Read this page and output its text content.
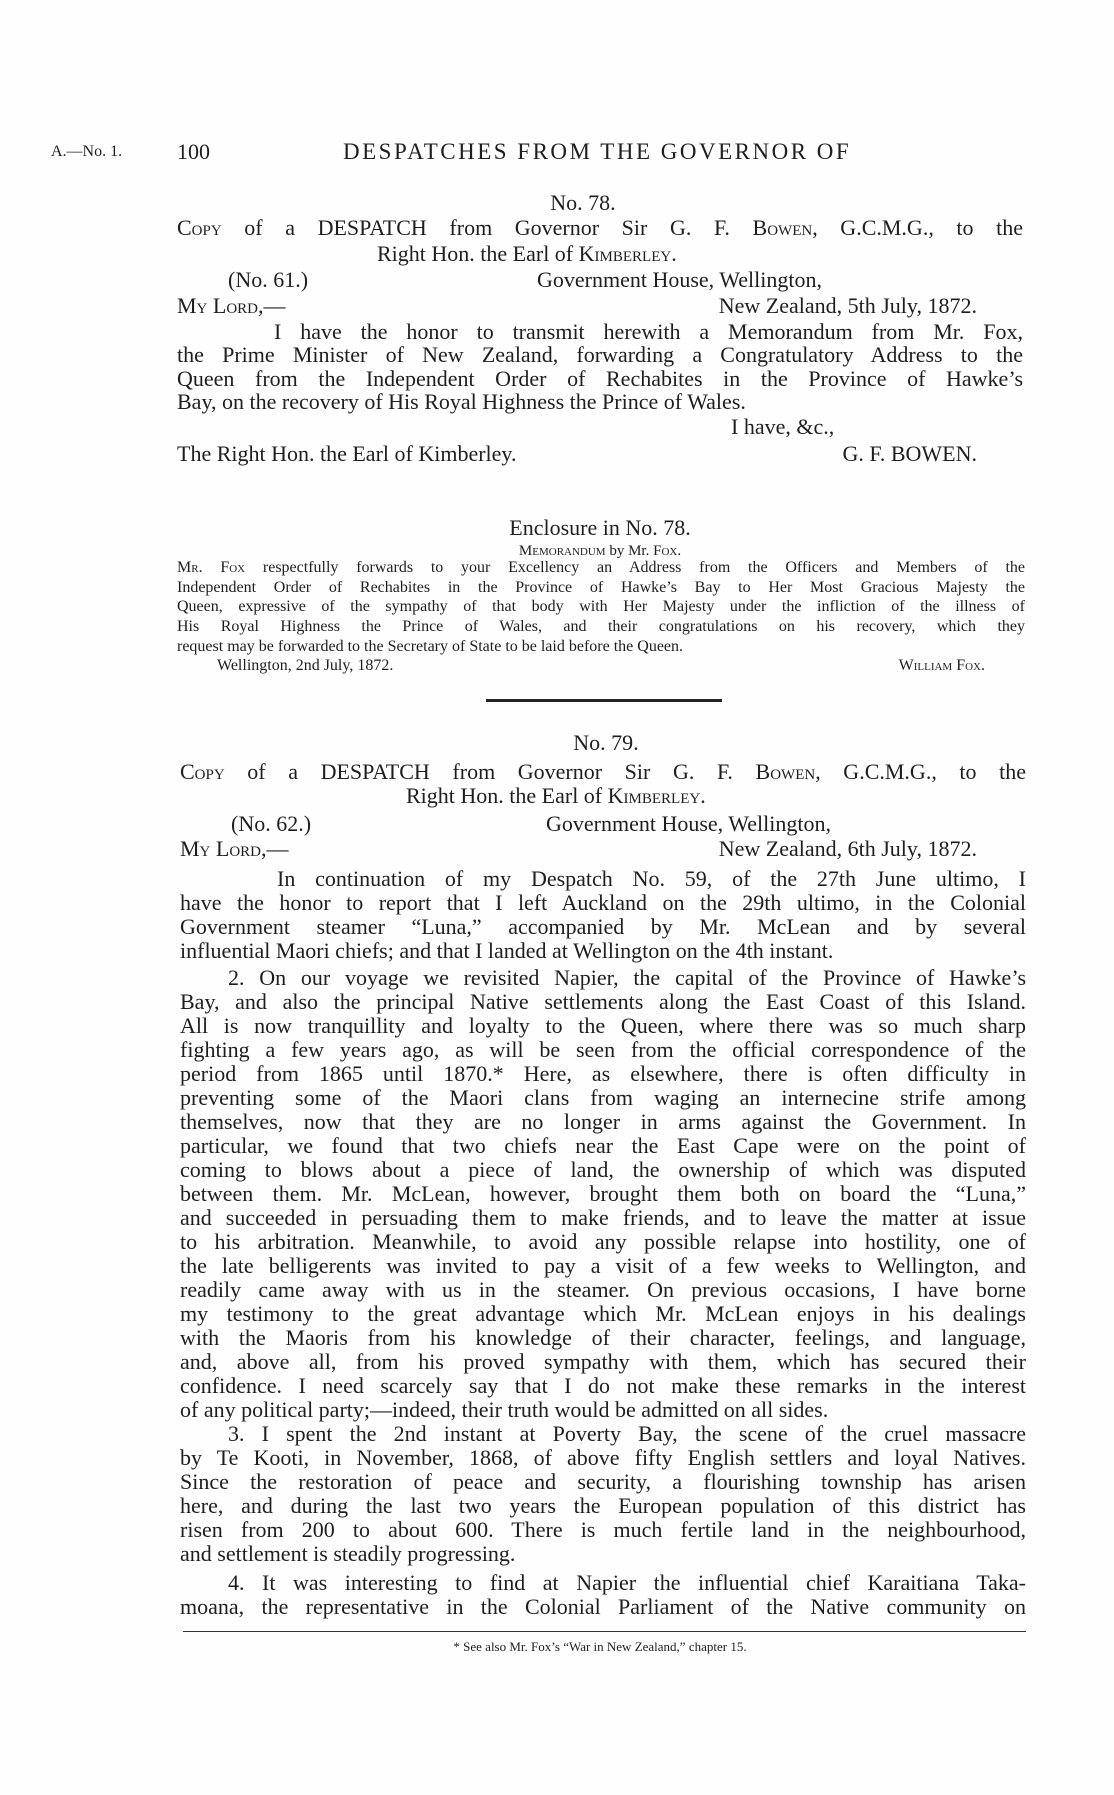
A.—No. 1. 100	DESPATCHES FROM THE GOVERNOR OF
No. 78.
Copy of a DESPATCH from Governor Sir G. F. Bowen, G.C.M.G., to the
Right Hon. the Earl of Kimberley.
(No. 61.)	Government House, Wellington,
My Lord,—	New Zealand, 5th July, 1872.
I have the honor to transmit herewith a Memorandum from Mr. Fox,
the Prime Minister of New Zealand, forwarding a Congratulatory Address to the
Queen from the Independent Order of Rechabites in the Province of Hawke’s
Bay, on the recovery of His Royal Highness the Prince of Wales.
I have, &c.,
The Right Hon. the Earl of Kimberley.	G. F. BOWEN.
Enclosure in No. 78.
Memorandum by Mr. Fox.
Mr. Fox respectfully forwards to your Excellency an Address from the Officers and Members of the
Independent Order of Rechabites in the Province of Hawke’s Bay to Her Most Gracious Majesty the
Queen, expressive of the sympathy of that body with Her Majesty under the infliction of the illness of
His Royal Highness the Prince of Wales, and their congratulations on his recovery, which they
request may be forwarded to the Secretary of State to be laid before the Queen.
Wellington, 2nd July, 1872.	William Fox.
No. 79.
Copy of a DESPATCH from Governor Sir G. F. Bowen, G.C.M.G., to the
Right Hon. the Earl of Kimberley.
(No. 62.)	Government House, Wellington,
My Lord,—	New Zealand, 6th July, 1872.
In continuation of my Despatch No. 59, of the 27th June ultimo, I
have the honor to report that I left Auckland on the 29th ultimo, in the Colonial
Government steamer “Luna,” accompanied by Mr. McLean and by several
influential Maori chiefs; and that I landed at Wellington on the 4th instant.
2. On our voyage we revisited Napier, the capital of the Province of Hawke’s
Bay, and also the principal Native settlements along the East Coast of this Island.
All is now tranquillity and loyalty to the Queen, where there was so much sharp
fighting a few years ago, as will be seen from the official correspondence of the
period from 1865 until 1870.* Here, as elsewhere, there is often difficulty in
preventing some of the Maori clans from waging an internecine strife among
themselves, now that they are no longer in arms against the Government. In
particular, we found that two chiefs near the East Cape were on the point of
coming to blows about a piece of land, the ownership of which was disputed
between them. Mr. McLean, however, brought them both on board the “Luna,”
and succeeded in persuading them to make friends, and to leave the matter at issue
to his arbitration. Meanwhile, to avoid any possible relapse into hostility, one of
the late belligerents was invited to pay a visit of a few weeks to Wellington, and
readily came away with us in the steamer. On previous occasions, I have borne
my testimony to the great advantage which Mr. McLean enjoys in his dealings
with the Maoris from his knowledge of their character, feelings, and language,
and, above all, from his proved sympathy with them, which has secured their
confidence. I need scarcely say that I do not make these remarks in the interest
of any political party;—indeed, their truth would be admitted on all sides.
3. I spent the 2nd instant at Poverty Bay, the scene of the cruel massacre
by Te Kooti, in November, 1868, of above fifty English settlers and loyal Natives.
Since the restoration of peace and security, a flourishing township has arisen
here, and during the last two years the European population of this district has
risen from 200 to about 600. There is much fertile land in the neighbourhood,
and settlement is steadily progressing.
4. It was interesting to find at Napier the influential chief Karaitiana Taka-
moana, the representative in the Colonial Parliament of the Native community on
* See also Mr. Fox’s “War in New Zealand,” chapter 15.
